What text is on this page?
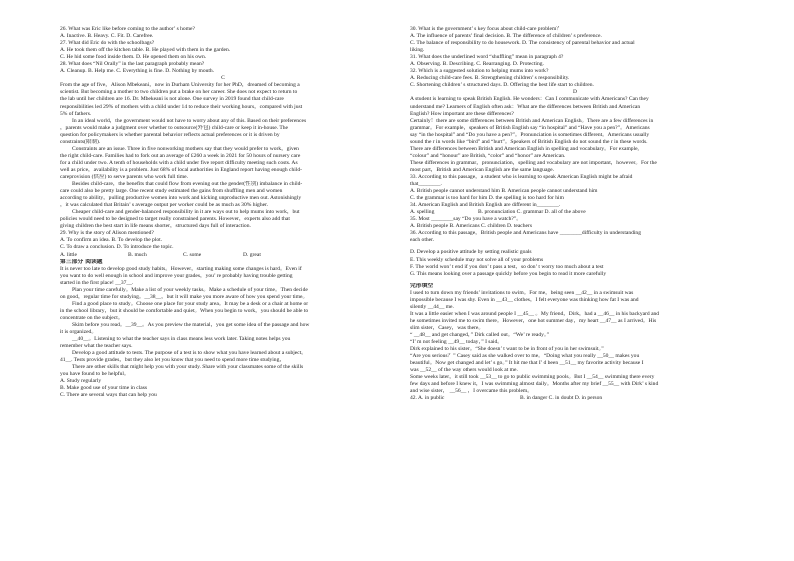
26. What was Eric like before coming to the author’ s home?
A. Inactive. B. Heavy. C. Fit. D. Carefree.
27. What did Eric do with the schoolbags?
A. He took them off the kitchen table. B. He played with them in the garden.
C. He hid some food inside them. D. He opened them on his own.
28. What does “Nil Orally” in the last paragraph probably mean?
A. Cleanup. B. Help me. C. Everything is fine. D. Nothing by mouth.
C
From the age of five，Alison Mbekeani，now in Durham University for her PhD，dreamed of becoming a
scientist. But becoming a mother to two children put a brake on her career. She does not expect to return to
the lab until her children are 16. Dr. Mbekeani is not alone. One survey in 2019 found that child-care
responsibilities led 29% of mothers with a child under 14 to reduce their working hours，compared with just
5% of fathers.
In an ideal world，the government would not have to worry about any of this. Based on their preferences
，parents would make a judgment over whether to outsource(外包) child-care or keep it in-house. The
question for policymakers is whether parental behavior reflects actual preferences or it is driven by
constraints(限制).
Constraints are an issue. Three in five nonworking mothers say that they would prefer to work，given
the right child-care. Families had to fork out an average of £260 a week in 2021 for 50 hours of nursery care
for a child under two. A tenth of households with a child under five report difficulty meeting such costs. As
well as price，availability is a problem. Just 68% of local authorities in England report having enough child-
careprovision (供应) to serve parents who work full time.
Besides child-care，the benefits that could flow from evening out the gender(性别) imbalance in child-
care could also be pretty large. One recent study estimated the gains from shuffling men and women
according to ability，pulling productive women into work and kicking unproductive men out. Astonishingly
，it was calculated that Britain’ s average output per worker could be as much as 30% higher.
Cheaper child-care and gender-balanced responsibility in it are ways out to help mums into work，but
policies would need to be designed to target really constrained parents. However，experts also add that
giving children the best start in life means shorter，structured days full of interaction.
29. Why is the story of Alison mentioned?
A. To confirm an idea. B. To develop the plot.
C. To draw a conclusion. D. To introduce the topic.
A. little	B. much	C. some	D. great
第三部分 阅读题
It is never too late to develop good study habits。However，starting making some changes is hard。Even if
you want to do well enough in school and improve your grades，you’ re probably having trouble getting
started in the first place! __37__.
Plan your time carefully。Make a list of your weekly tasks。Make a schedule of your time。Then decide
on good，regular time for studying。__38__，but it will make you more aware of how you spend your time。
Find a good place to study。Choose one place for your study area。It may be a desk or a chair at home or
in the school library，but it should be comfortable and quiet。When you begin to work，you should be able to
concentrate on the subject。
Skim before you read。__39__。As you preview the material，you get some idea of the passage and how
it is organized。
__40__。Listening to what the teacher says in class means less work later. Taking notes helps you
remember what the teacher says.
Develop a good attitude to tests. The purpose of a test is to show what you have learned about a subject。
41__. Tests provide grades，but they also let you know that you need to spend more time studying，
There are other skills that might help you with your study. Share with your classmates some of the skills
you have found to be helpful。
A. Study regularly
B. Make good use of your time in class
C. There are several ways that can help you
30. What is the government’ s key focus about child-care problem？
A. The influence of parents’ final decision. B. The difference of children’ s preference.
C. The balance of responsibility to do housework. D. The consistency of parental behavior and actual
liking.
31. What does the underlined word “shuffling” mean in paragraph 4?
A. Observing. B. Describing. C. Rearranging. D. Protecting.
32. Which is a suggested solution to helping mums into work?
A. Reducing child-care fees. B. Strengthening children’ s responsibility.
C. Shortening children’ s structured days. D. Offering the best life start to children.
D
A student is learning to speak British English. He wonders：Can I communicate with Americans? Can they
understand me? Learners of English often ask：What are the differences between British and American
English? How important are these differences?
Certainly！there are some differences between British and American English。There are a few differences in
grammar。For example，speakers of British English say “in hospital” and “Have you a pen?”。Americans
say “in the hospital” and “Do you have a pen?”。Pronunciation is sometimes different。Americans usually
sound the r in words like “bird” and “hurt”。Speakers of British English do not sound the r in these words.
There are differences between British and American English in spelling and vocabulary。For example,
“colour” and “honour” are British, “color” and “honor” are American.
These differences in grammar，pronunciation，spelling and vocabulary are not important，however。For the
most part，British and American English are the same language.
33. According to this passage，a student who is learning to speak American English might be afraid
that________.
A. British people cannot understand him B. American people cannot understand him
C. the grammar is too hard for him D. the spelling is too hard for him
34. American English and British English are different in________.
A. spelling	B. pronunciation C. grammar D. all of the above
35. Most ________say “Do you have a watch?”。
A. British people B. Americans C. children D. teachers
36. According to this passage，British people and Americans have ________difficulty in understanding
each other.
D. Develop a positive attitude by setting realistic goals
E. This weekly schedule may not solve all of your problems
F. The world won’ t end if you don’ t pass a test，so don’ t worry too much about a test
G. This means looking over a passage quickly before you begin to read it more carefully
完形填空
I used to turn down my friends’ invitations to swim。For me，being seen __42__ in a swimsuit was
impossible because I was shy. Even in __43__ clothes，I felt everyone was thinking how fat I was and
silently __44__ me.
It was a little easier when I was around people I __45__ 。My friend，Dirk，had a __46__ in his backyard and
he sometimes invited me to swim there。However，one hot summer day，my heart __47__ as I arrived。His
slim sister，Casey，was there。
“ __48__ and get changed，” Dirk called out。“We’ re ready。”
“I’ m not feeling __49__ today，” I said。
Dirk explained to his sister。“She doesn’ t want to be in front of you in her swimsuit。”
“Are you serious？” Casey said as she walked over to me。“Doing what you really __50__ makes you
beautiful。Now get changed and let’ s go。” It hit me that I’ d been __51__ my favorite activity because I
was __52__ of the way others would look at me.
Some weeks later，it still took __53__ to go to public swimming pools。But I __54__ swimming there every
few days and before I knew it，I was swimming almost daily。Months after my brief __55__ with Dirk’ s kind
and wise sister， __56__ ，I overcame this problem。
42. A. in public	B. in danger C. in doubt D. in person
